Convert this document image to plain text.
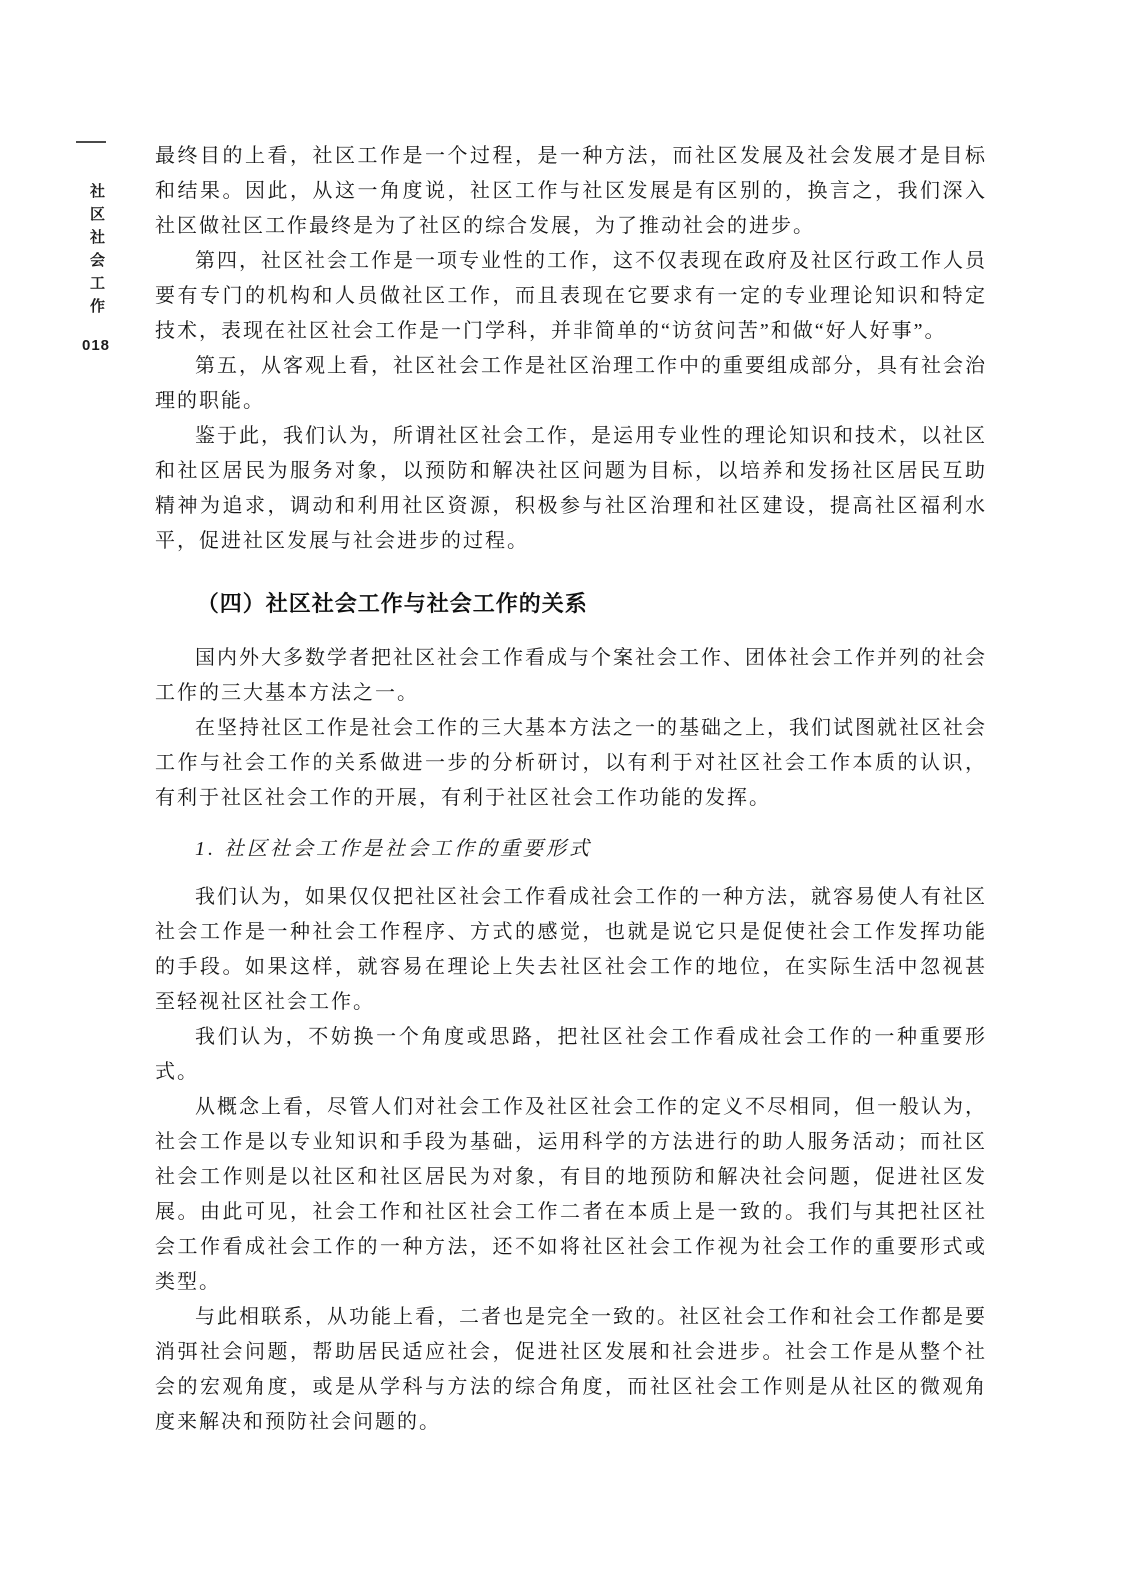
社区社会工作
018

最终目的上看，社区工作是一个过程，是一种方法，而社区发展及社会发展才是目标和结果。因此，从这一角度说，社区工作与社区发展是有区别的，换言之，我们深入社区做社区工作最终是为了社区的综合发展，为了推动社会的进步。

第四，社区社会工作是一项专业性的工作，这不仅表现在政府及社区行政工作人员要有专门的机构和人员做社区工作，而且表现在它要求有一定的专业理论知识和特定技术，表现在社区社会工作是一门学科，并非简单的“访贫问苦”和做“好人好事”。

第五，从客观上看，社区社会工作是社区治理工作中的重要组成部分，具有社会治理的职能。

鉴于此，我们认为，所谓社区社会工作，是运用专业性的理论知识和技术，以社区和社区居民为服务对象，以预防和解决社区问题为目标，以培养和发扬社区居民互助精神为追求，调动和利用社区资源，积极参与社区治理和社区建设，提高社区福利水平，促进社区发展与社会进步的过程。

（四）社区社会工作与社会工作的关系

国内外大多数学者把社区社会工作看成与个案社会工作、团体社会工作并列的社会工作的三大基本方法之一。

在坚持社区工作是社会工作的三大基本方法之一的基础之上，我们试图就社区社会工作与社会工作的关系做进一步的分析研讨，以有利于对社区社会工作本质的认识，有利于社区社会工作的开展，有利于社区社会工作功能的发挥。

1. 社区社会工作是社会工作的重要形式

我们认为，如果仅仅把社区社会工作看成社会工作的一种方法，就容易使人有社区社会工作是一种社会工作程序、方式的感觉，也就是说它只是促使社会工作发挥功能的手段。如果这样，就容易在理论上失去社区社会工作的地位，在实际生活中忽视甚至轻视社区社会工作。

我们认为，不妨换一个角度或思路，把社区社会工作看成社会工作的一种重要形式。

从概念上看，尽管人们对社会工作及社区社会工作的定义不尽相同，但一般认为，社会工作是以专业知识和手段为基础，运用科学的方法进行的助人服务活动；而社区社会工作则是以社区和社区居民为对象，有目的地预防和解决社会问题，促进社区发展。由此可见，社会工作和社区社会工作二者在本质上是一致的。我们与其把社区社会工作看成社会工作的一种方法，还不如将社区社会工作视为社会工作的重要形式或类型。

与此相联系，从功能上看，二者也是完全一致的。社区社会工作和社会工作都是要消弭社会问题，帮助居民适应社会，促进社区发展和社会进步。社会工作是从整个社会的宏观角度，或是从学科与方法的综合角度，而社区社会工作则是从社区的微观角度来解决和预防社会问题的。
